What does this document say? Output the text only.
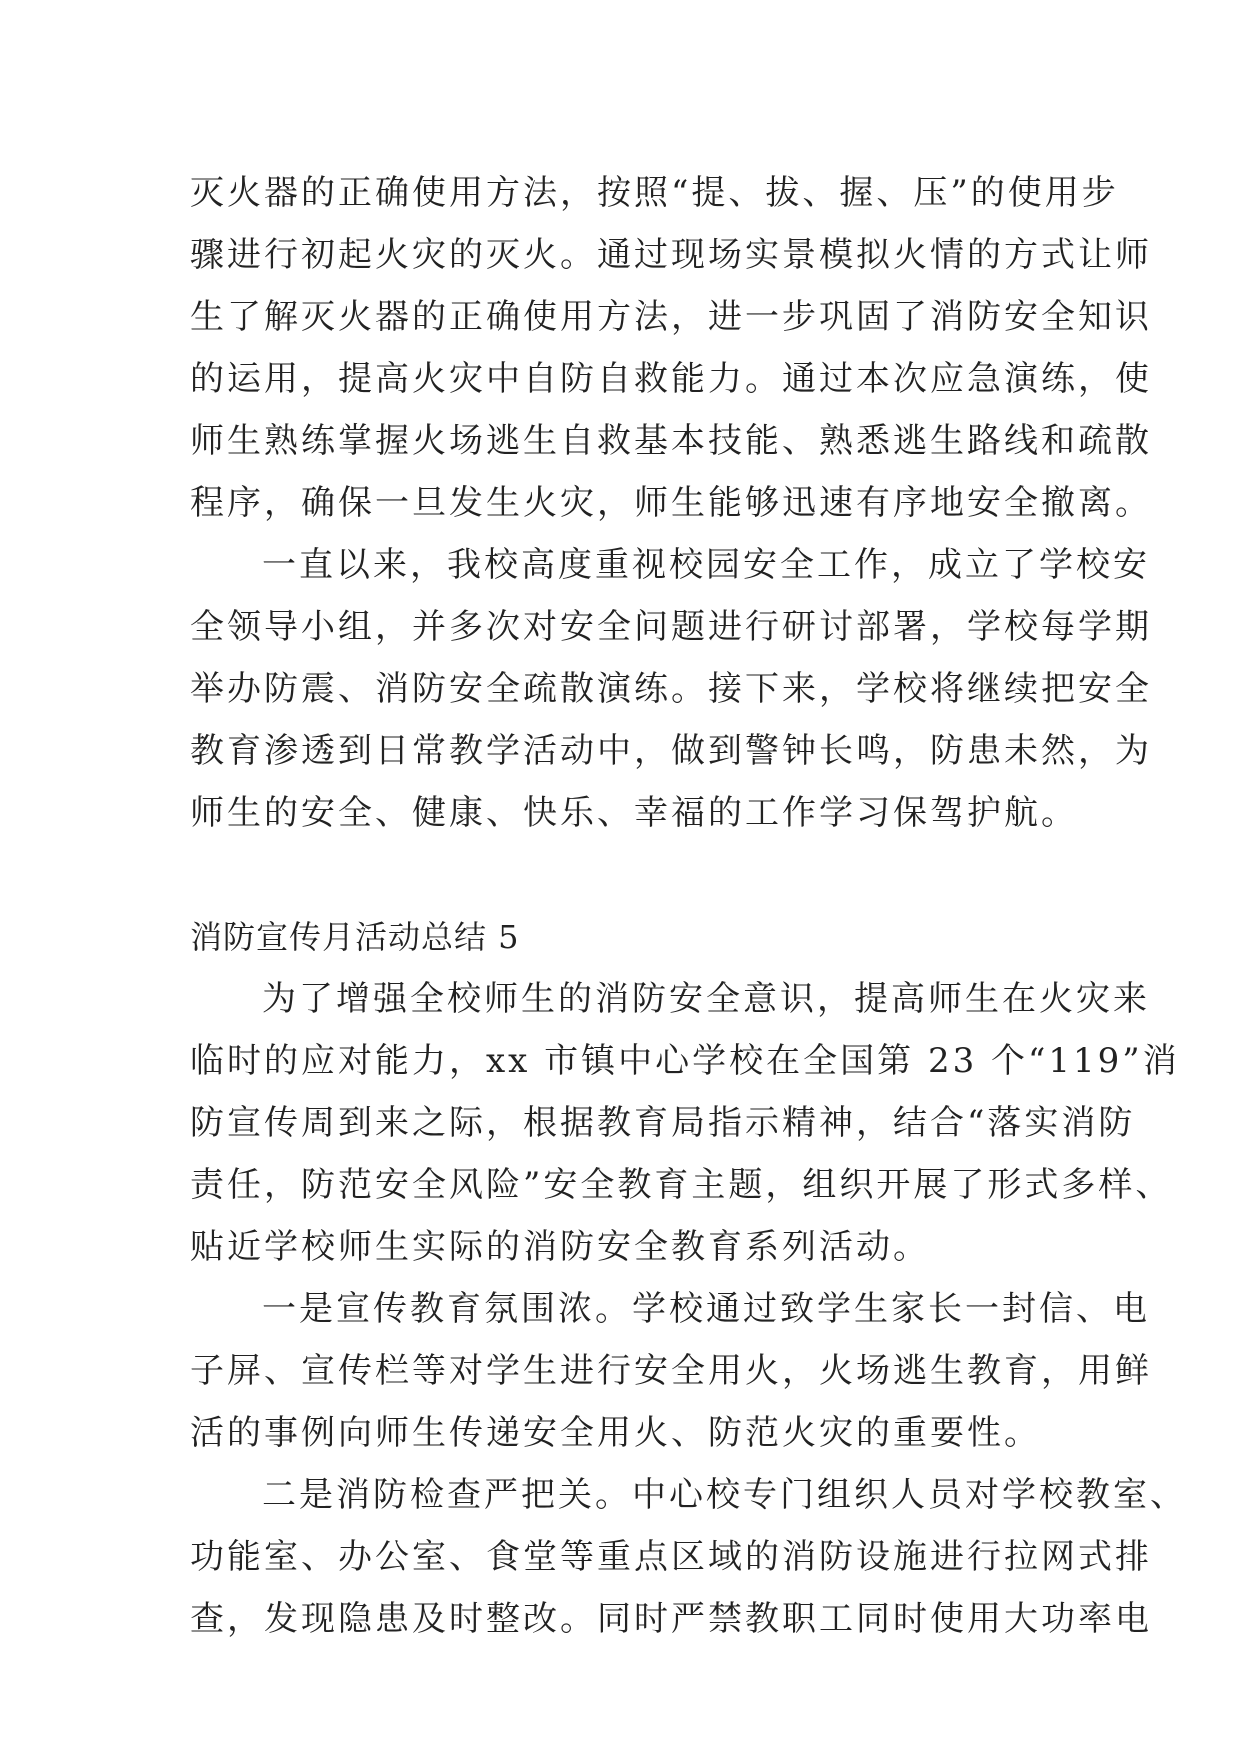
灭火器的正确使用方法，按照“提、拔、握、压”的使用步
骤进行初起火灾的灭火。通过现场实景模拟火情的方式让师
生了解灭火器的正确使用方法，进一步巩固了消防安全知识
的运用，提高火灾中自防自救能力。通过本次应急演练，使
师生熟练掌握火场逃生自救基本技能、熟悉逃生路线和疏散
程序，确保一旦发生火灾，师生能够迅速有序地安全撤离。
一直以来，我校高度重视校园安全工作，成立了学校安
全领导小组，并多次对安全问题进行研讨部署，学校每学期
举办防震、消防安全疏散演练。接下来，学校将继续把安全
教育渗透到日常教学活动中，做到警钟长鸣，防患未然，为
师生的安全、健康、快乐、幸福的工作学习保驾护航。
消防宣传月活动总结 5
为了增强全校师生的消防安全意识，提高师生在火灾来
临时的应对能力，xx 市镇中心学校在全国第 23 个“119”消
防宣传周到来之际，根据教育局指示精神，结合“落实消防
责任，防范安全风险”安全教育主题，组织开展了形式多样、
贴近学校师生实际的消防安全教育系列活动。
一是宣传教育氛围浓。学校通过致学生家长一封信、电
子屏、宣传栏等对学生进行安全用火，火场逃生教育，用鲜
活的事例向师生传递安全用火、防范火灾的重要性。
二是消防检查严把关。中心校专门组织人员对学校教室、
功能室、办公室、食堂等重点区域的消防设施进行拉网式排
查，发现隐患及时整改。同时严禁教职工同时使用大功率电
